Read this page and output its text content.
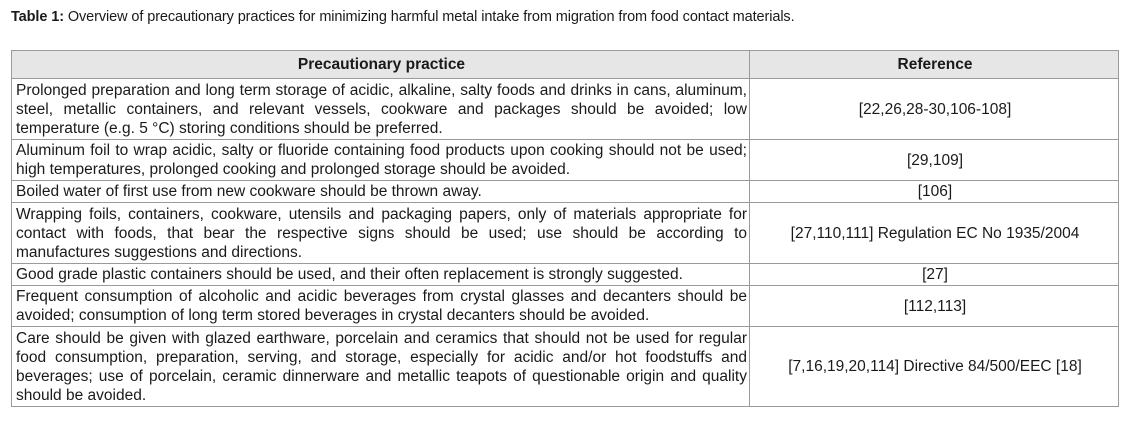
Table 1: Overview of precautionary practices for minimizing harmful metal intake from migration from food contact materials.
Precautionary practice	Reference
Prolonged preparation and long term storage of acidic, alkaline, salty foods and drinks in cans, aluminum, steel, metallic containers, and relevant vessels, cookware and packages should be avoided; low temperature (e.g. 5 °C) storing conditions should be preferred.	[22,26,28-30,106-108]
Aluminum foil to wrap acidic, salty or fluoride containing food products upon cooking should not be used; high temperatures, prolonged cooking and prolonged storage should be avoided.	[29,109]
Boiled water of first use from new cookware should be thrown away.	[106]
Wrapping foils, containers, cookware, utensils and packaging papers, only of materials appropriate for contact with foods, that bear the respective signs should be used; use should be according to manufactures suggestions and directions.	[27,110,111] Regulation EC No 1935/2004
Good grade plastic containers should be used, and their often replacement is strongly suggested.	[27]
Frequent consumption of alcoholic and acidic beverages from crystal glasses and decanters should be avoided; consumption of long term stored beverages in crystal decanters should be avoided.	[112,113]
Care should be given with glazed earthware, porcelain and ceramics that should not be used for regular food consumption, preparation, serving, and storage, especially for acidic and/or hot foodstuffs and beverages; use of porcelain, ceramic dinnerware and metallic teapots of questionable origin and quality should be avoided.	[7,16,19,20,114] Directive 84/500/EEC [18]
